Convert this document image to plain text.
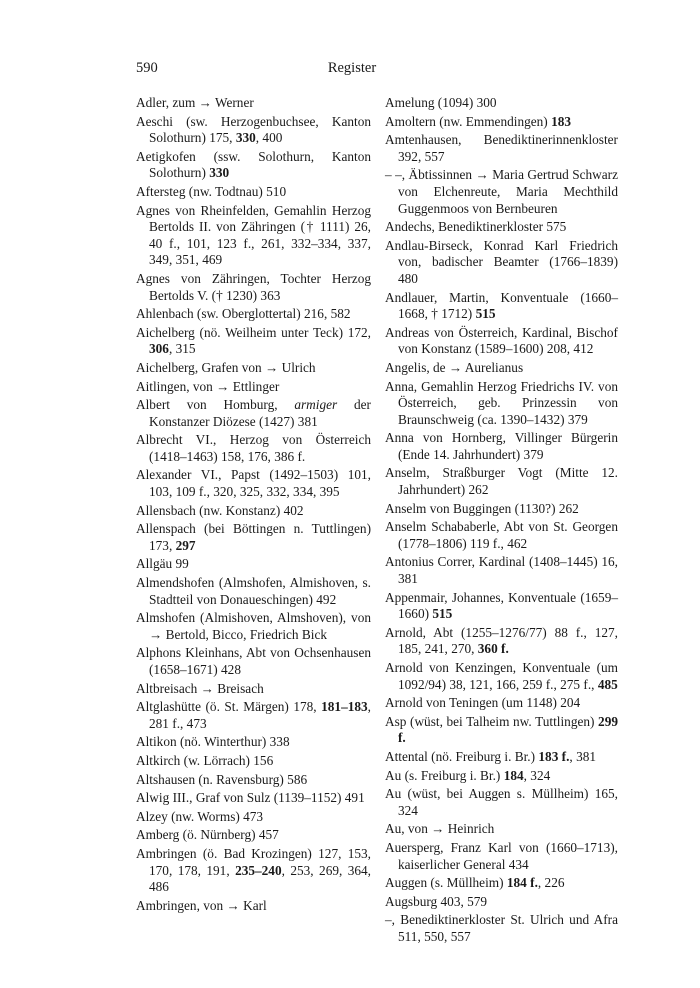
590	Register
Adler, zum → Werner
Aeschi (sw. Herzogenbuchsee, Kanton Solothurn) 175, 330, 400
Aetigkofen (ssw. Solothurn, Kanton Solothurn) 330
Aftersteg (nw. Todtnau) 510
Agnes von Rheinfelden, Gemahlin Herzog Bertolds II. von Zähringen († 1111) 26, 40 f., 101, 123 f., 261, 332–334, 337, 349, 351, 469
Agnes von Zähringen, Tochter Herzog Bertolds V. († 1230) 363
Ahlenbach (sw. Oberglottertal) 216, 582
Aichelberg (nö. Weilheim unter Teck) 172, 306, 315
Aichelberg, Grafen von → Ulrich
Aitlingen, von → Ettlinger
Albert von Homburg, armiger der Konstanzer Diözese (1427) 381
Albrecht VI., Herzog von Österreich (1418–1463) 158, 176, 386 f.
Alexander VI., Papst (1492–1503) 101, 103, 109 f., 320, 325, 332, 334, 395
Allensbach (nw. Konstanz) 402
Allenspach (bei Böttingen n. Tuttlingen) 173, 297
Allgäu 99
Almendshofen (Almshofen, Almishoven, s. Stadtteil von Donaueschingen) 492
Almshofen (Almishoven, Almshoven), von → Bertold, Bicco, Friedrich Bick
Alphons Kleinhans, Abt von Ochsenhausen (1658–1671) 428
Altbreisach → Breisach
Altglashütte (ö. St. Märgen) 178, 181–183, 281 f., 473
Altikon (nö. Winterthur) 338
Altkirch (w. Lörrach) 156
Altshausen (n. Ravensburg) 586
Alwig III., Graf von Sulz (1139–1152) 491
Alzey (nw. Worms) 473
Amberg (ö. Nürnberg) 457
Ambringen (ö. Bad Krozingen) 127, 153, 170, 178, 191, 235–240, 253, 269, 364, 486
Ambringen, von → Karl
Amelung (1094) 300
Amoltern (nw. Emmendingen) 183
Amtenhausen, Benediktinerinnenkloster 392, 557
– –, Äbtissinnen → Maria Gertrud Schwarz von Elchenreute, Maria Mechthild Guggenmoos von Bernbeuren
Andechs, Benediktinerkloster 575
Andlau-Birseck, Konrad Karl Friedrich von, badischer Beamter (1766–1839) 480
Andlauer, Martin, Konventuale (1660–1668, † 1712) 515
Andreas von Österreich, Kardinal, Bischof von Konstanz (1589–1600) 208, 412
Angelis, de → Aurelianus
Anna, Gemahlin Herzog Friedrichs IV. von Österreich, geb. Prinzessin von Braunschweig (ca. 1390–1432) 379
Anna von Hornberg, Villinger Bürgerin (Ende 14. Jahrhundert) 379
Anselm, Straßburger Vogt (Mitte 12. Jahrhundert) 262
Anselm von Buggingen (1130?) 262
Anselm Schababerle, Abt von St. Georgen (1778–1806) 119 f., 462
Antonius Correr, Kardinal (1408–1445) 16, 381
Appenmair, Johannes, Konventuale (1659–1660) 515
Arnold, Abt (1255–1276/77) 88 f., 127, 185, 241, 270, 360 f.
Arnold von Kenzingen, Konventuale (um 1092/94) 38, 121, 166, 259 f., 275 f., 485
Arnold von Teningen (um 1148) 204
Asp (wüst, bei Talheim nw. Tuttlingen) 299 f.
Attental (nö. Freiburg i. Br.) 183 f., 381
Au (s. Freiburg i. Br.) 184, 324
Au (wüst, bei Auggen s. Müllheim) 165, 324
Au, von → Heinrich
Auersperg, Franz Karl von (1660–1713), kaiserlicher General 434
Auggen (s. Müllheim) 184 f., 226
Augsburg 403, 579
–, Benediktinerkloster St. Ulrich und Afra 511, 550, 557
